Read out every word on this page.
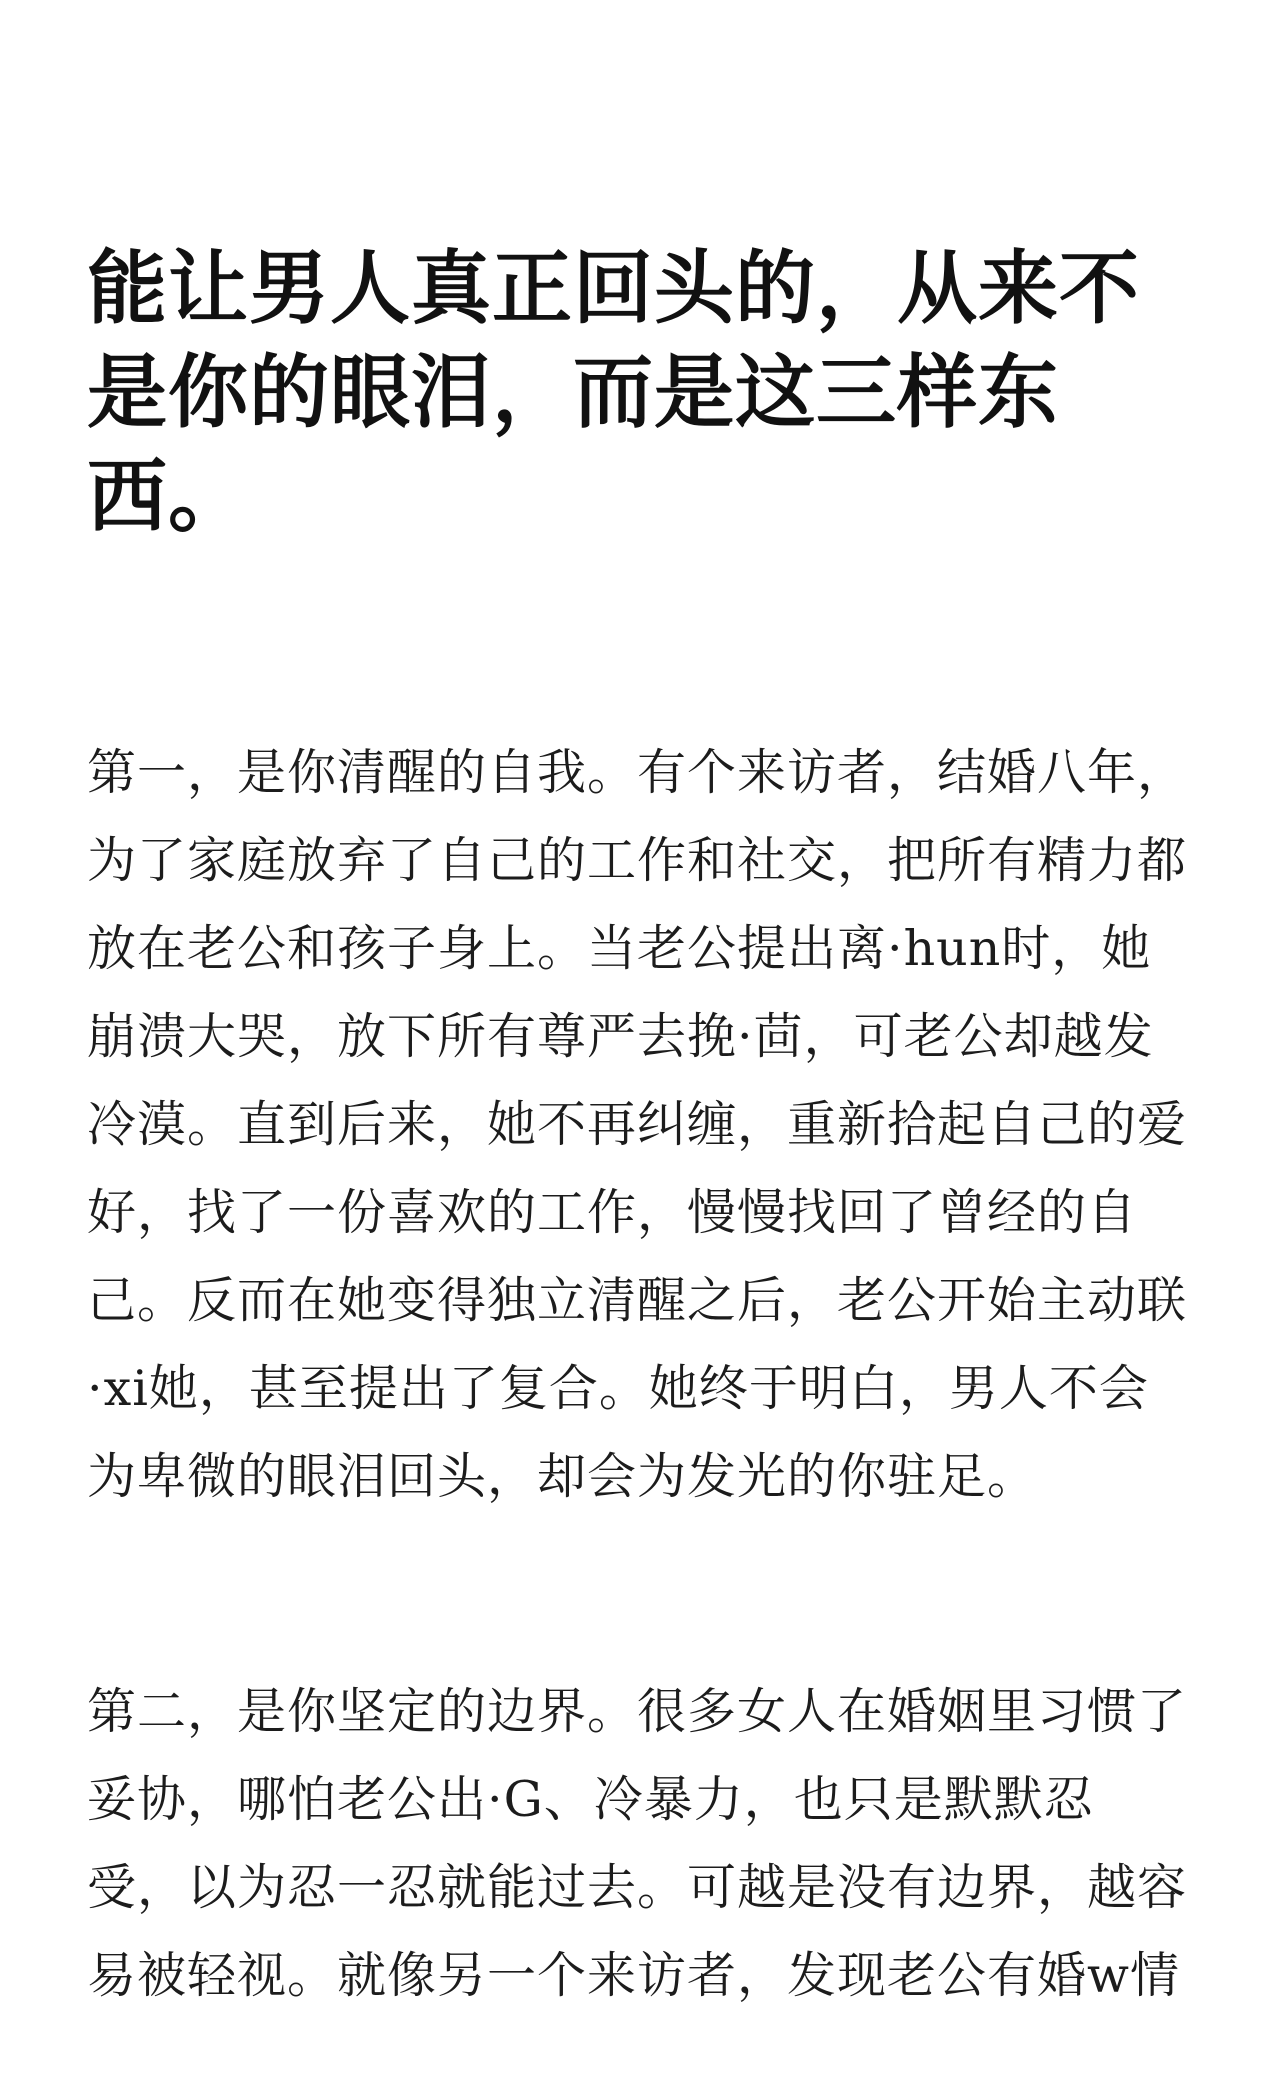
能让男人真正回头的，从来不是你的眼泪，而是这三样东西。

第一，是你清醒的自我。有个来访者，结婚八年，为了家庭放弃了自己的工作和社交，把所有精力都放在老公和孩子身上。当老公提出离·hun时，她崩溃大哭，放下所有尊严去挽·茴，可老公却越发冷漠。直到后来，她不再纠缠，重新拾起自己的爱好，找了一份喜欢的工作，慢慢找回了曾经的自己。反而在她变得独立清醒之后，老公开始主动联·xi她，甚至提出了复合。她终于明白，男人不会为卑微的眼泪回头，却会为发光的你驻足。

第二，是你坚定的边界。很多女人在婚姻里习惯了妥协，哪怕老公出·G、冷暴力，也只是默默忍受，以为忍一忍就能过去。可越是没有边界，越容易被轻视。就像另一个来访者，发现老公有婚w情
